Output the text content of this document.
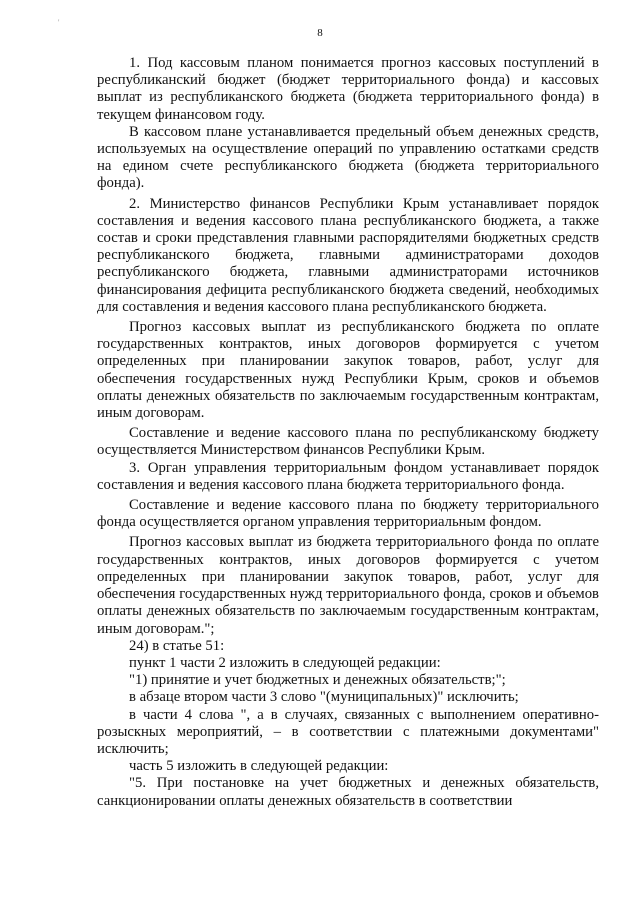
'
8

1. Под кассовым планом понимается прогноз кассовых поступлений в республиканский бюджет (бюджет территориального фонда) и кассовых выплат из республиканского бюджета (бюджета территориального фонда) в текущем финансовом году.

В кассовом плане устанавливается предельный объем денежных средств, используемых на осуществление операций по управлению остатками средств на едином счете республиканского бюджета (бюджета территориального фонда).

2. Министерство финансов Республики Крым устанавливает порядок составления и ведения кассового плана республиканского бюджета, а также состав и сроки представления главными распорядителями бюджетных средств республиканского бюджета, главными администраторами доходов республиканского бюджета, главными администраторами источников финансирования дефицита республиканского бюджета сведений, необходимых для составления и ведения кассового плана республиканского бюджета.

Прогноз кассовых выплат из республиканского бюджета по оплате государственных контрактов, иных договоров формируется с учетом определенных при планировании закупок товаров, работ, услуг для обеспечения государственных нужд Республики Крым, сроков и объемов оплаты денежных обязательств по заключаемым государственным контрактам, иным договорам.

Составление и ведение кассового плана по республиканскому бюджету осуществляется Министерством финансов Республики Крым.

3. Орган управления территориальным фондом устанавливает порядок составления и ведения кассового плана бюджета территориального фонда.

Составление и ведение кассового плана по бюджету территориального фонда осуществляется органом управления территориальным фондом.

Прогноз кассовых выплат из бюджета территориального фонда по оплате государственных контрактов, иных договоров формируется с учетом определенных при планировании закупок товаров, работ, услуг для обеспечения государственных нужд территориального фонда, сроков и объемов оплаты денежных обязательств по заключаемым государственным контрактам, иным договорам.";

24) в статье 51:

пункт 1 части 2 изложить в следующей редакции:

"1) принятие и учет бюджетных и денежных обязательств;";

в абзаце втором части 3 слово "(муниципальных)" исключить;

в части 4 слова ", а в случаях, связанных с выполнением оперативно-розыскных мероприятий, – в соответствии с платежными документами" исключить;

часть 5 изложить в следующей редакции:

"5. При постановке на учет бюджетных и денежных обязательств, санкционировании оплаты денежных обязательств в соответствии
